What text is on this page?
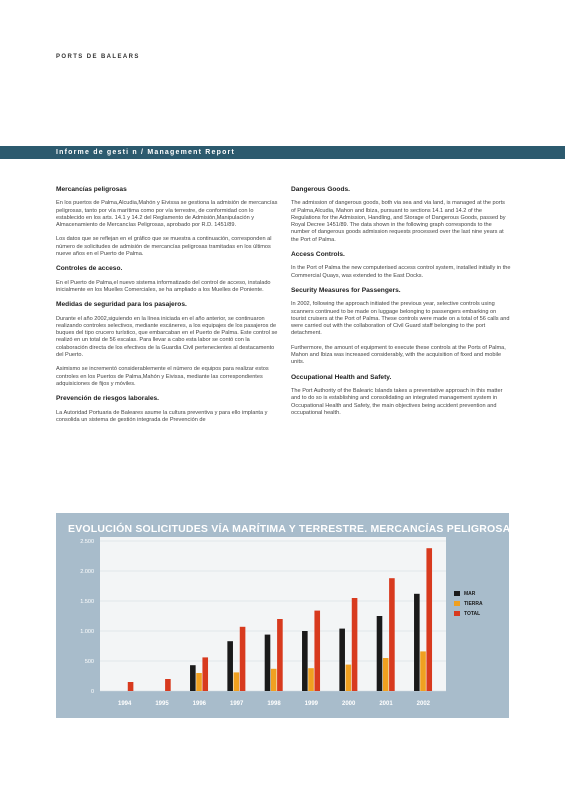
PORTS DE BALEARS
Informe de gesti n / Management Report
Mercancías peligrosas

En los puertos de Palma,Alcudia,Mahón y Eivissa se gestiona la admisión de mercancías peligrosas, tanto por vía marítima como por vía terrestre, de conformidad con lo establecido en los arts. 14.1 y 14.2 del Reglamento de Admisión,Manipulación y Almacenamiento de Mercancías Peligrosas, aprobado por R.D. 1451/89.

Los datos que se reflejan en el gráfico que se muestra a continuación, corresponden al número de solicitudes de admisión de mercancías peligrosas tramitadas en los últimos nueve años en el Puerto de Palma.

Controles de acceso.

En el Puerto de Palma,el nuevo sistema informatizado del control de acceso, instalado inicialmente en los Muelles Comerciales, se ha ampliado a los Muelles de Poniente.

Medidas de seguridad para los pasajeros.

Durante el año 2002,siguiendo en la línea iniciada en el año anterior, se continuaron realizando controles selectivos, mediante escáneres, a los equipajes de los pasajeros de buques del tipo crucero turístico, que embarcaban en el Puerto de Palma. Este control se realizó en un total de 56 escalas. Para llevar a cabo esta labor se contó con la colaboración directa de los efectivos de la Guardia Civil pertenecientes al destacamento del Puerto.

Asimismo se incrementó considerablemente el número de equipos para realizar estos controles en los Puertos de Palma,Mahón y Eivissa, mediante las correspondientes adquisiciones de fijos y móviles.

Prevención de riesgos laborales.

La Autoridad Portuaria de Baleares asume la cultura preventiva y para ello implanta y consolida un sistema de gestión integrada de Prevención de

Dangerous Goods.

The admission of dangerous goods, both via sea and via land, is managed at the ports of Palma,Alcudia, Mahon and Ibiza, pursuant to sections 14.1 and 14.2 of the Regulations for the Admission, Handling, and Storage of Dangerous Goods, passed by Royal Decree 1451/89. The data shown in the following graph corresponds to the number of dangerous goods admission requests processed over the last nine years at the Port of Palma.

Access Controls.

In the Port of Palma the new computerised access control system, installed initially in the Commercial Quays, was extended to the East Docks.

Security Measures for Passengers.

In 2002, following the approach initiated the previous year, selective controls using scanners continued to be made on luggage belonging to passengers embarking on tourist cruisers at the Port of Palma. These controls were made on a total of 56 calls and were carried out with the collaboration of Civil Guard staff belonging to the port detachment.

Furthermore, the amount of equipment to execute these controls at the Ports of Palma, Mahon and Ibiza was increased considerably, with the acquisition of fixed and mobile units.

Occupational Health and Safety.

The Port Authority of the Balearic Islands takes a preventative approach in this matter and to do so is establishing and consolidating an integrated management system in Occupational Health and Safety, the main objectives being accident prevention and occupational health.

EVOLUCIÓN SOLICITUDES VÍA MARÍTIMA Y TERRESTRE. MERCANCÍAS PELIGROSAS
0
500
1.000
1.500
2.000
2.500
1994	1995	1996	1997	1998	1999	2000	2001	2002
MAR
TIERRA
TOTAL
